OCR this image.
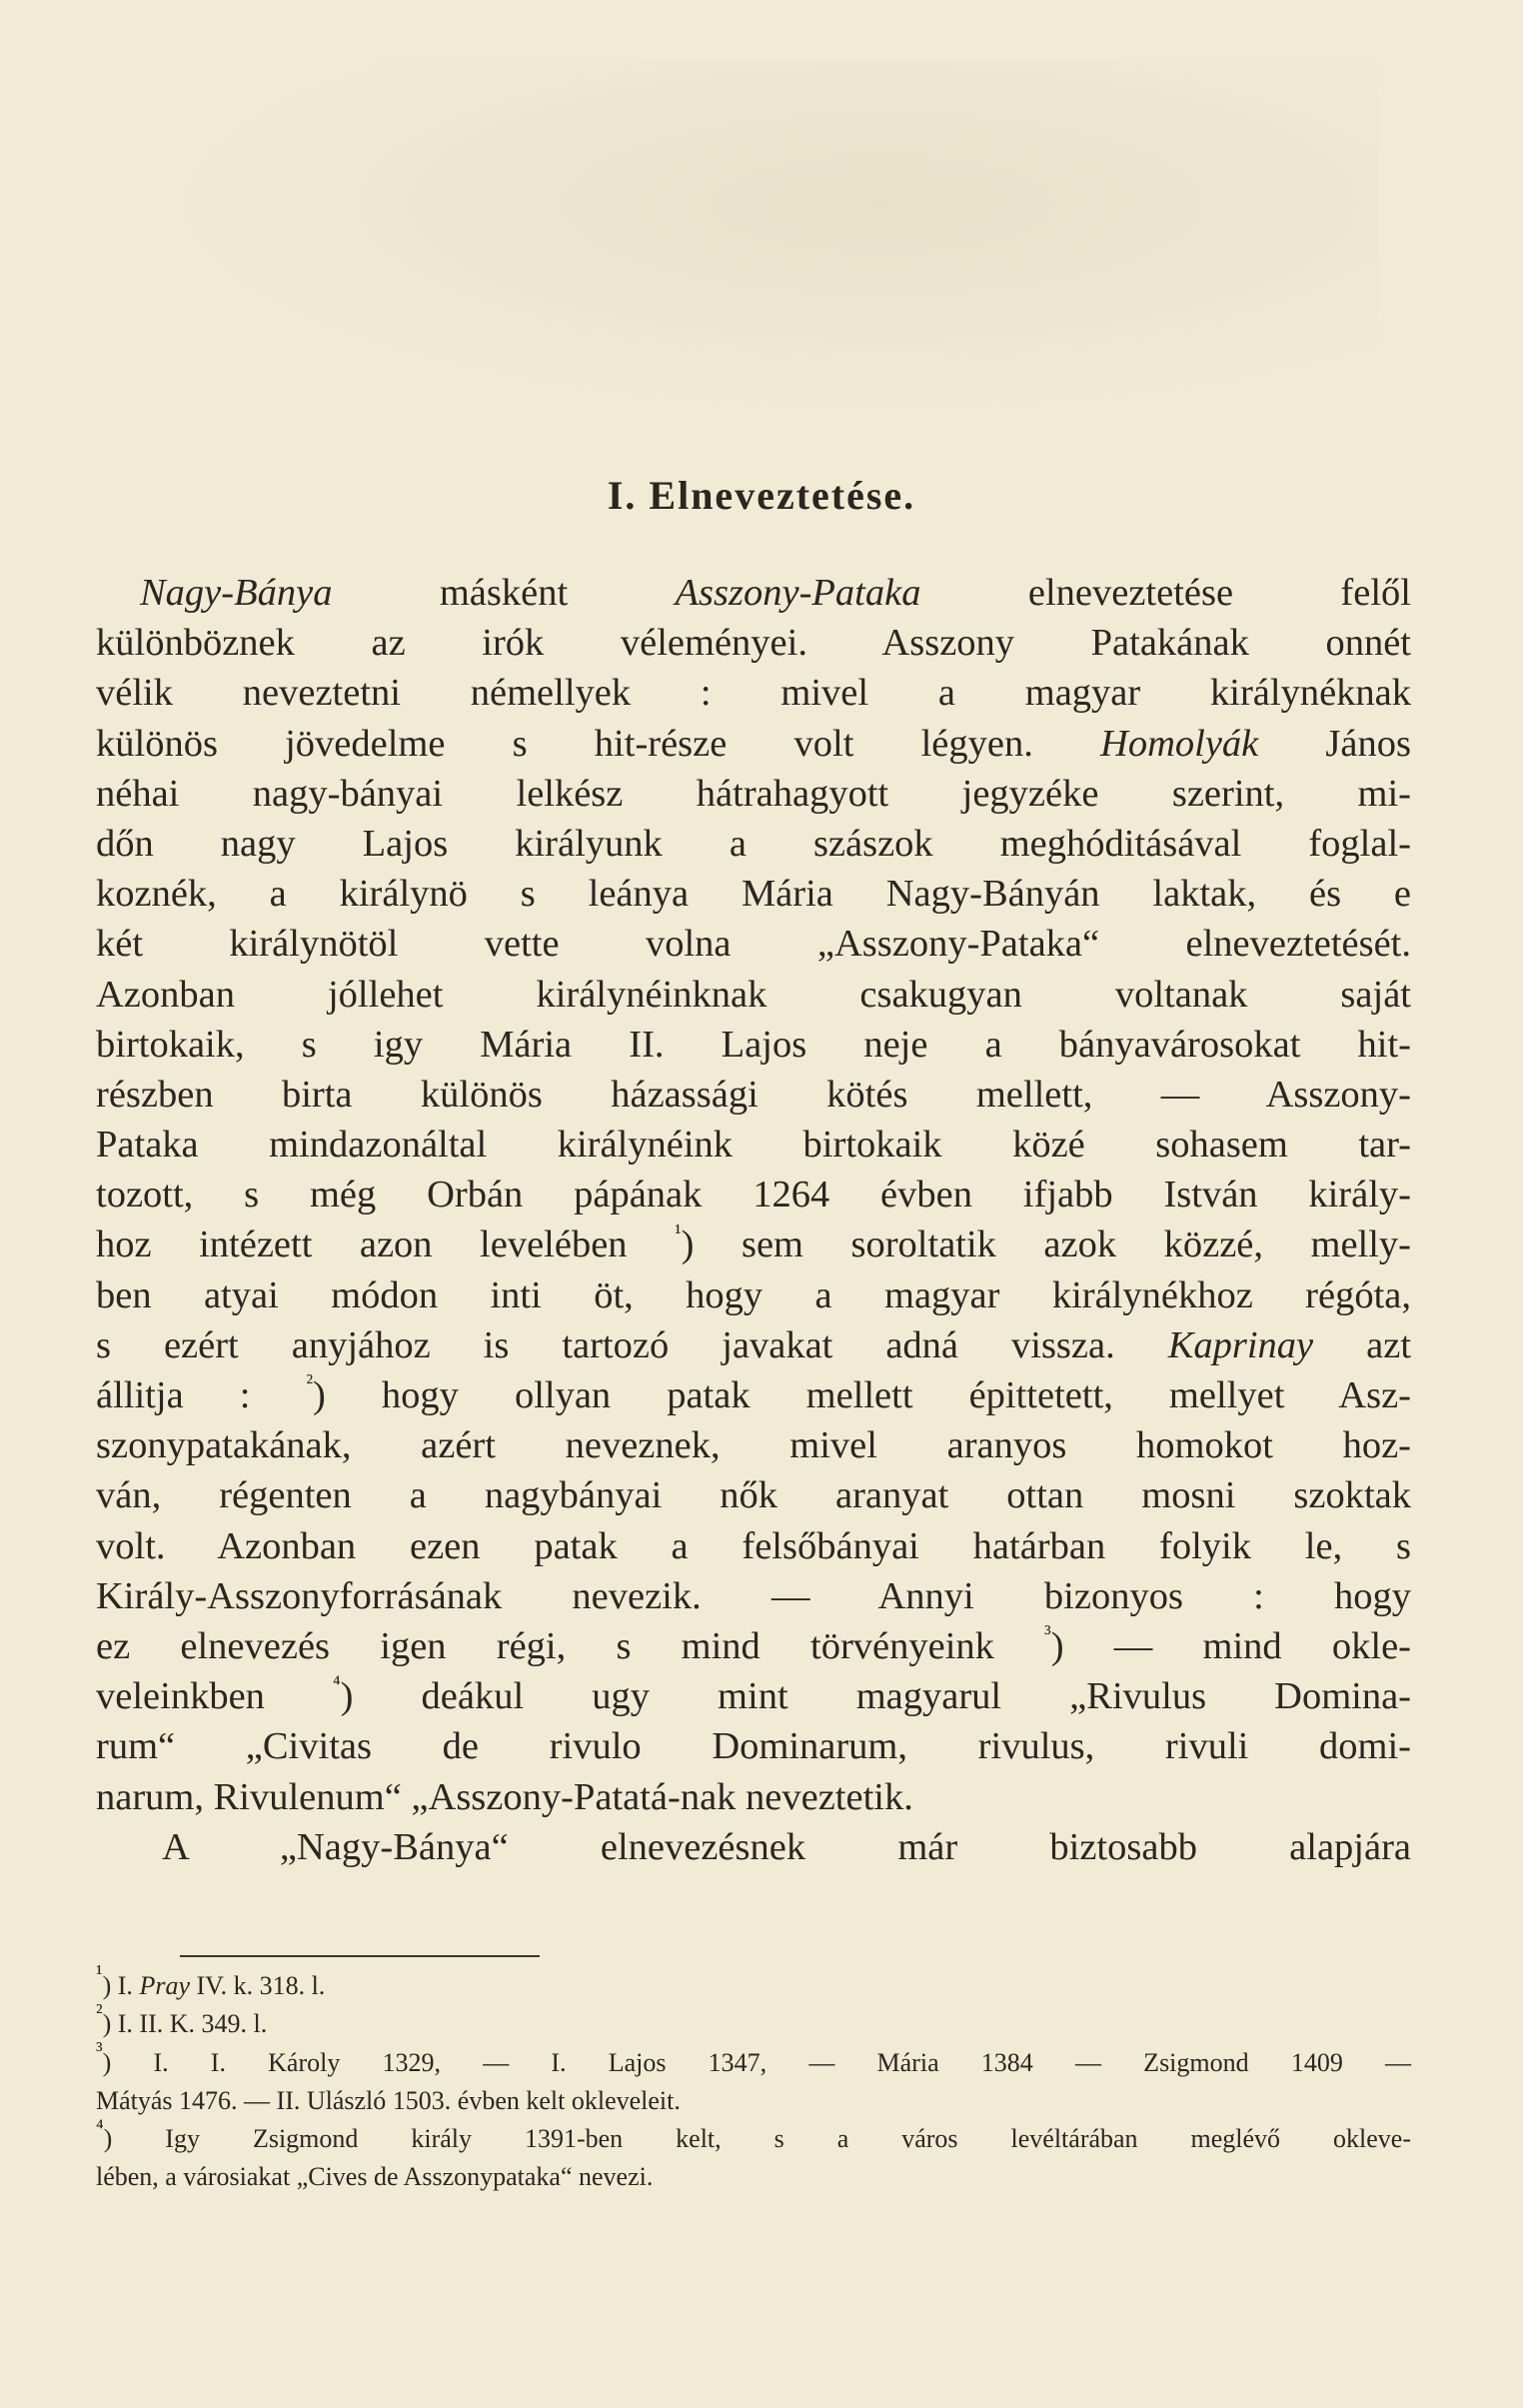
I. Elneveztetése.
Nagy-Bánya másként Asszony-Pataka elneveztetése felől
különböznek az irók véleményei. Asszony Patakának onnét
vélik neveztetni némellyek : mivel a magyar királynéknak
különös jövedelme s hit-része volt légyen. Homolyák János
néhai nagy-bányai lelkész hátrahagyott jegyzéke szerint, mi-
dőn nagy Lajos királyunk a szászok meghóditásával foglal-
koznék, a királynö s leánya Mária Nagy-Bányán laktak, és e
két királynötöl vette volna „Asszony-Pataka“ elneveztetését.
Azonban jóllehet királynéinknak csakugyan voltanak saját
birtokaik, s igy Mária II. Lajos neje a bányavárosokat hit-
részben birta különös házassági kötés mellett, — Asszony-
Pataka mindazonáltal királynéink birtokaik közé sohasem tar-
tozott, s még Orbán pápának 1264 évben ifjabb István király-
hoz intézett azon levelében $^{^1}$) sem soroltatik azok közzé, melly-
ben atyai módon inti öt, hogy a magyar királynékhoz régóta,
s ezért anyjához is tartozó javakat adná vissza. Kaprinay azt
állitja : $^{^2}$) hogy ollyan patak mellett épittetett, mellyet Asz-
szonypatakának, azért neveznek, mivel aranyos homokot hoz-
ván, régenten a nagybányai nők aranyat ottan mosni szoktak
volt. Azonban ezen patak a felsőbányai határban folyik le, s
Király-Asszonyforrásának nevezik. — Annyi bizonyos : hogy
ez elnevezés igen régi, s mind törvényeink $^{^3}$) — mind okle-
veleinkben $^{^4}$) deákul ugy mint magyarul „Rivulus Domina-
rum“ „Civitas de rivulo Dominarum, rivulus, rivuli domi-
narum, Rivulenum“ „Asszony-Patatá-nak neveztetik.
A „Nagy-Bánya“ elnevezésnek már biztosabb alapjára
$^{^1}$) I. Pray IV. k. 318. l.
$^{^2}$) I. II. K. 349. l.
$^{^3}$) I. I. Károly 1329, — I. Lajos 1347, — Mária 1384 — Zsigmond 1409 —
Mátyás 1476. — II. Ulászló 1503. évben kelt okleveleit.
$^{^4}$) Igy Zsigmond király 1391-ben kelt, s a város levéltárában meglévő okleve-
lében, a városiakat „Cives de Asszonypataka“ nevezi.
